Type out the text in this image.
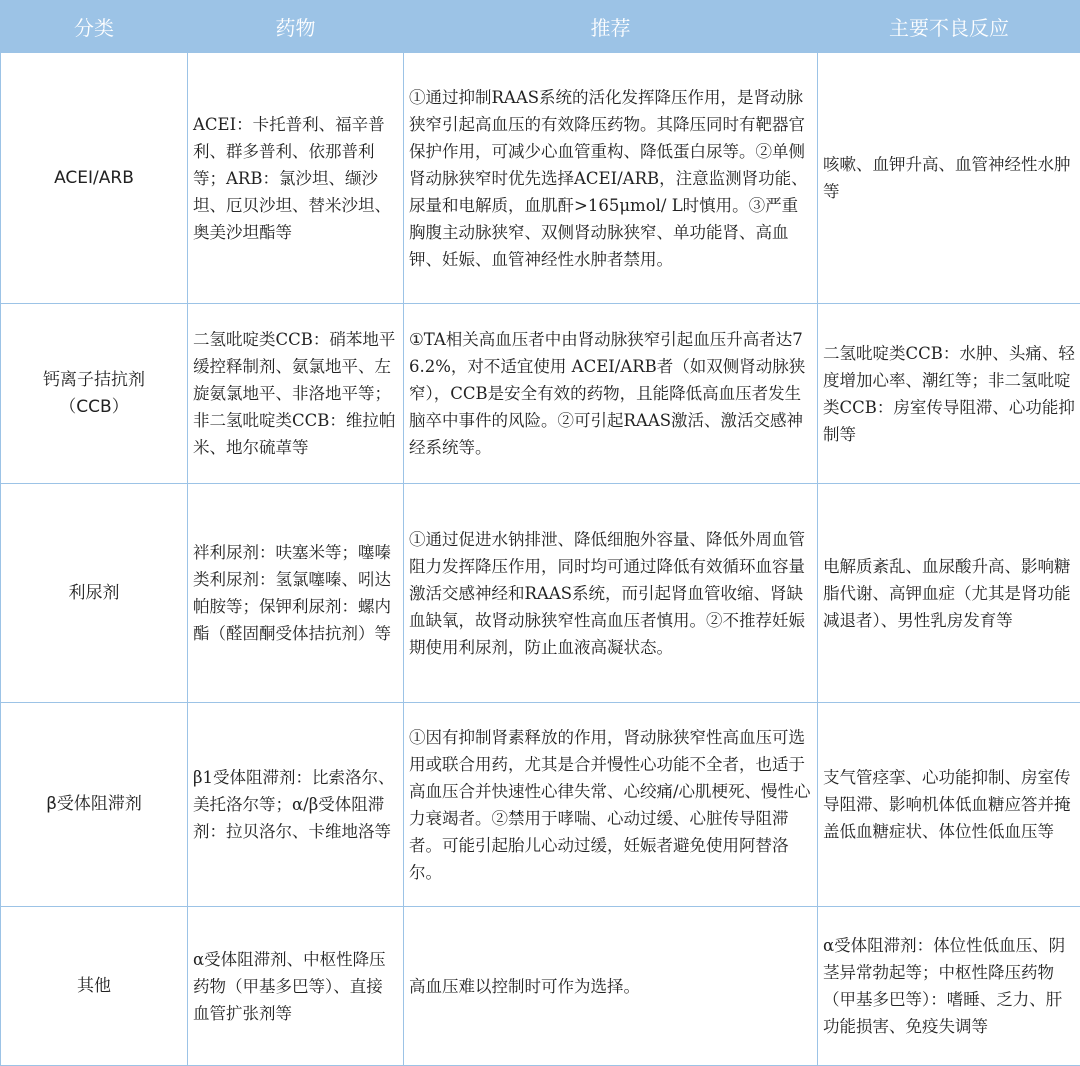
分类	药物	推荐	主要不良反应

ACEI/ARB	ACEI：卡托普利、福辛普利、群多普利、依那普利等；ARB：氯沙坦、缬沙坦、厄贝沙坦、替米沙坦、奥美沙坦酯等	①通过抑制RAAS系统的活化发挥降压作用，是肾动脉狭窄引起高血压的有效降压药物。其降压同时有靶器官保护作用，可减少心血管重构、降低蛋白尿等。②单侧肾动脉狭窄时优先选择ACEI/ARB，注意监测肾功能、尿量和电解质，血肌酐>165μmol/ L时慎用。③严重胸腹主动脉狭窄、双侧肾动脉狭窄、单功能肾、高血钾、妊娠、血管神经性水肿者禁用。	咳嗽、血钾升高、血管神经性水肿等

钙离子拮抗剂
（CCB）	二氢吡啶类CCB：硝苯地平缓控释制剂、氨氯地平、左旋氨氯地平、非洛地平等；非二氢吡啶类CCB：维拉帕米、地尔硫䓬等	①TA相关高血压者中由肾动脉狭窄引起血压升高者达76.2%，对不适宜使用 ACEI/ARB者（如双侧肾动脉狭窄），CCB是安全有效的药物，且能降低高血压者发生脑卒中事件的风险。②可引起RAAS激活、激活交感神经系统等。	二氢吡啶类CCB：水肿、头痛、轻度增加心率、潮红等；非二氢吡啶类CCB：房室传导阻滞、心功能抑制等

利尿剂	袢利尿剂：呋塞米等；噻嗪类利尿剂：氢氯噻嗪、吲达帕胺等；保钾利尿剂：螺内酯（醛固酮受体拮抗剂）等	①通过促进水钠排泄、降低细胞外容量、降低外周血管阻力发挥降压作用，同时均可通过降低有效循环血容量激活交感神经和RAAS系统，而引起肾血管收缩、肾缺血缺氧，故肾动脉狭窄性高血压者慎用。②不推荐妊娠期使用利尿剂，防止血液高凝状态。	电解质紊乱、血尿酸升高、影响糖脂代谢、高钾血症（尤其是肾功能减退者）、男性乳房发育等

β受体阻滞剂	β1受体阻滞剂：比索洛尔、美托洛尔等；α/β受体阻滞剂：拉贝洛尔、卡维地洛等	①因有抑制肾素释放的作用，肾动脉狭窄性高血压可选用或联合用药，尤其是合并慢性心功能不全者，也适于高血压合并快速性心律失常、心绞痛/心肌梗死、慢性心力衰竭者。②禁用于哮喘、心动过缓、心脏传导阻滞者。可能引起胎儿心动过缓，妊娠者避免使用阿替洛尔。	支气管痉挛、心功能抑制、房室传导阻滞、影响机体低血糖应答并掩盖低血糖症状、体位性低血压等

其他	α受体阻滞剂、中枢性降压药物（甲基多巴等）、直接血管扩张剂等	高血压难以控制时可作为选择。	α受体阻滞剂：体位性低血压、阴茎异常勃起等；中枢性降压药物（甲基多巴等）：嗜睡、乏力、肝功能损害、免疫失调等
